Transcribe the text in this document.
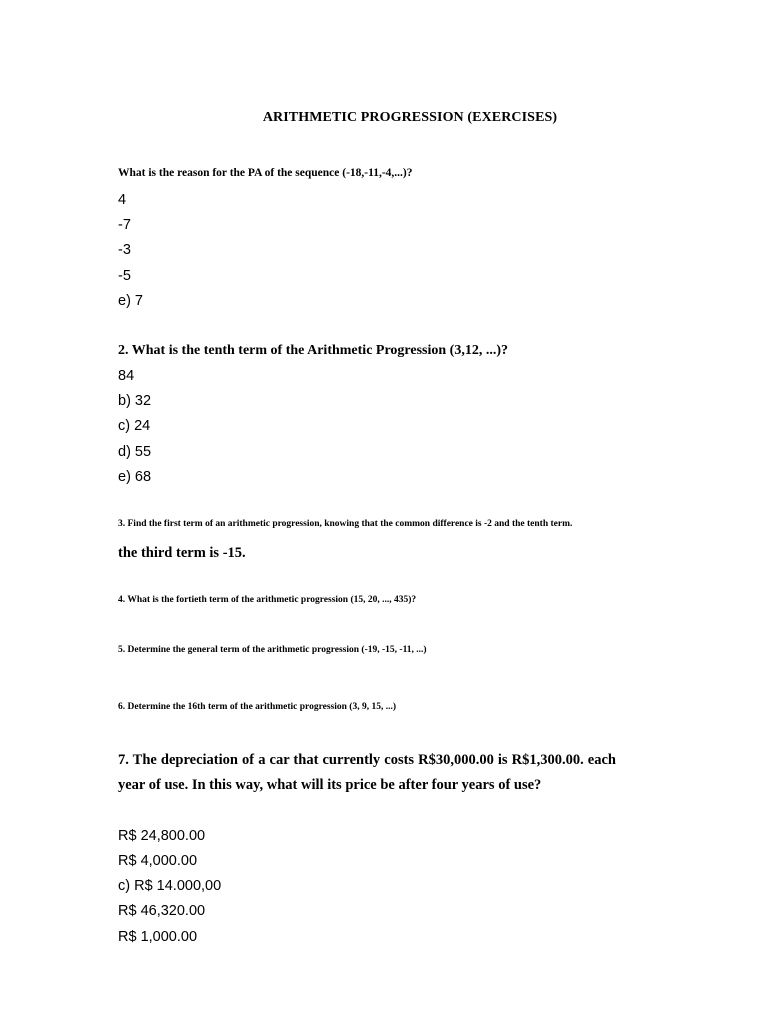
ARITHMETIC PROGRESSION (EXERCISES)
What is the reason for the PA of the sequence (-18,-11,-4,...)?
4
-7
-3
-5
e) 7
2. What is the tenth term of the Arithmetic Progression (3,12, ...)?
84
b) 32
c) 24
d) 55
e) 68
3. Find the first term of an arithmetic progression, knowing that the common difference is -2 and the tenth term.
the third term is -15.
4. What is the fortieth term of the arithmetic progression (15, 20, ..., 435)?
5. Determine the general term of the arithmetic progression (-19, -15, -11, ...)
6. Determine the 16th term of the arithmetic progression (3, 9, 15, ...)
7. The depreciation of a car that currently costs R$30,000.00 is R$1,300.00. each year of use. In this way, what will its price be after four years of use?
R$ 24,800.00
R$ 4,000.00
c) R$ 14.000,00
R$ 46,320.00
R$ 1,000.00
